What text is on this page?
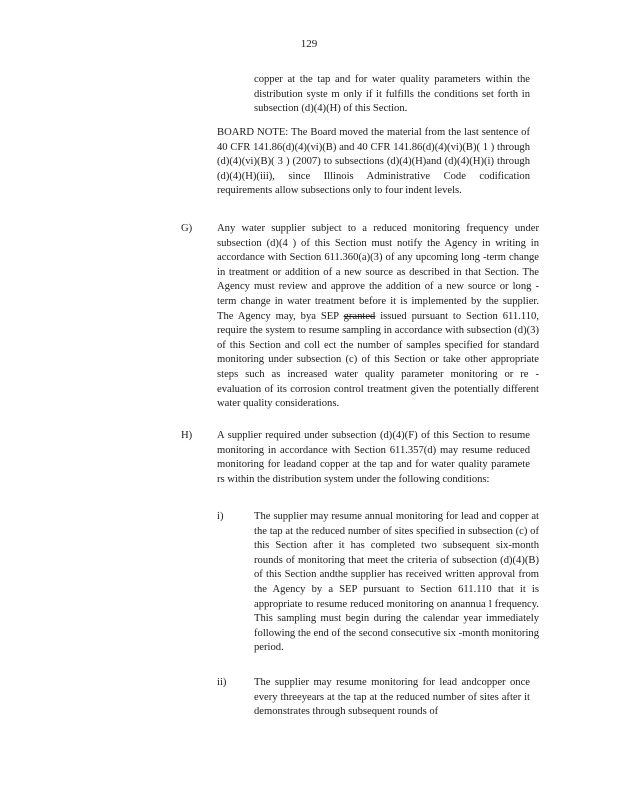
129

copper at the tap and for water quality parameters within the distribution syste m only if it fulfills the conditions set forth in subsection (d)(4)(H) of this Section.

BOARD NOTE: The Board moved the material from the last sentence of 40 CFR 141.86(d)(4)(vi)(B) and 40 CFR 141.86(d)(4)(vi)(B)( 1 ) through (d)(4)(vi)(B)( 3 ) (2007) to subsections (d)(4)(H)and (d)(4)(H)(i) through (d)(4)(H)(iii), since Illinois Administrative Code codification requirements allow subsections only to four indent levels.

G) Any water supplier subject to a reduced monitoring frequency under subsection (d)(4 ) of this Section must notify the Agency in writing in accordance with Section 611.360(a)(3) of any upcoming long -term change in treatment or addition of a new source as described in that Section. The Agency must review and approve the addition of a new source or long -term change in water treatment before it is implemented by the supplier. The Agency may, bya SEP granted issued pursuant to Section 611.110, require the system to resume sampling in accordance with subsection (d)(3) of this Section and coll ect the number of samples specified for standard monitoring under subsection (c) of this Section or take other appropriate steps such as increased water quality parameter monitoring or re -evaluation of its corrosion control treatment given the potentially different water quality considerations.

H) A supplier required under subsection (d)(4)(F) of this Section to resume monitoring in accordance with Section 611.357(d) may resume reduced monitoring for leadand copper at the tap and for water quality paramete rs within the distribution system under the following conditions:

i)	The supplier may resume annual monitoring for lead and copper at the tap at the reduced number of sites specified in subsection (c) of this Section after it has completed two subsequent six-month rounds of monitoring that meet the criteria of subsection (d)(4)(B) of this Section andthe supplier has received written approval from the Agency by a SEP pursuant to Section 611.110 that it is appropriate to resume reduced monitoring on anannua l frequency. This sampling must begin during the calendar year immediately following the end of the second consecutive six -month monitoring period.

ii)	The supplier may resume monitoring for lead andcopper once every threeyears at the tap at the reduced number of sites after it demonstrates through subsequent rounds of
